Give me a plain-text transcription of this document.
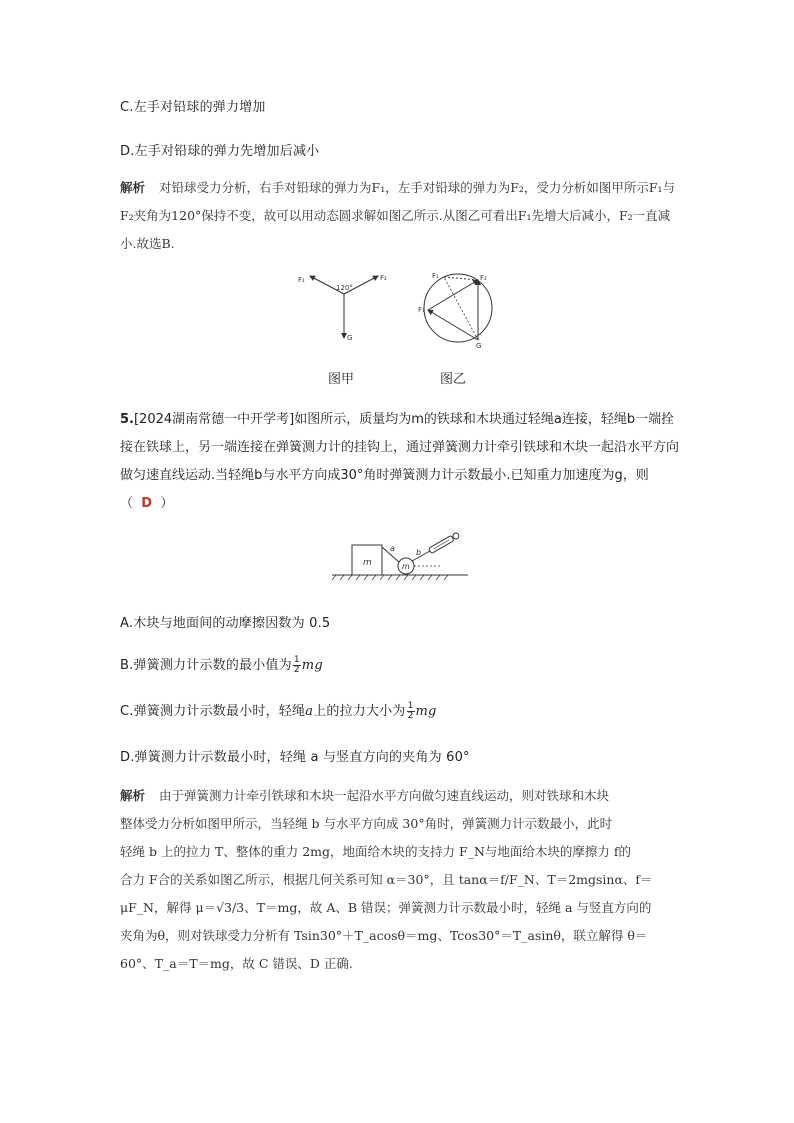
C.左手对铅球的弹力增加
D.左手对铅球的弹力先增加后减小
解析 对铅球受力分析，右手对铅球的弹力为F₁，左手对铅球的弹力为F₂，受力分析如图甲所示F₁与F₂夹角为120°保持不变，故可以用动态圆求解如图乙所示.从图乙可看出F₁先增大后减小，F₂一直减小.故选B.
120°
F₁	F₂
G
F₁	F₂
F₁
G
图甲	图乙
5.[2024湖南常德一中开学考]如图所示，质量均为m的铁球和木块通过轻绳a连接，轻绳b一端拴接在铁球上，另一端连接在弹簧测力计的挂钩上，通过弹簧测力计牵引铁球和木块一起沿水平方向做匀速直线运动.当轻绳b与水平方向成30°角时弹簧测力计示数最小.已知重力加速度为g，则（ D ）
m
a
m
b
A.木块与地面间的动摩擦因数为 0.5
B.弹簧测力计示数的最小值为 $\frac{1}{2}$ mg
C.弹簧测力计示数最小时，轻绳a上的拉力大小为 $\frac{1}{2}$ mg
D.弹簧测力计示数最小时，轻绳 a 与竖直方向的夹角为 60°
解析 由于弹簧测力计牵引铁球和木块一起沿水平方向做匀速直线运动，则对铁球和木块
整体受力分析如图甲所示，当轻绳 b 与水平方向成 30°角时，弹簧测力计示数最小，此时
轻绳 b 上的拉力 T、整体的重力 2mg，地面给木块的支持力 F_N与地面给木块的摩擦力 f的
合力 F合的关系如图乙所示，根据几何关系可知 α＝30°，且 tanα＝f/F_N、T＝2mgsinα、f＝
μF_N，解得 μ＝√3/3、T＝mg，故 A、B 错误；弹簧测力计示数最小时，轻绳 a 与竖直方向的
夹角为θ，则对铁球受力分析有 Tsin30°＋T_acosθ＝mg、Tcos30°＝T_asinθ，联立解得 θ＝
60°、T_a＝T＝mg，故 C 错误、D 正确.
